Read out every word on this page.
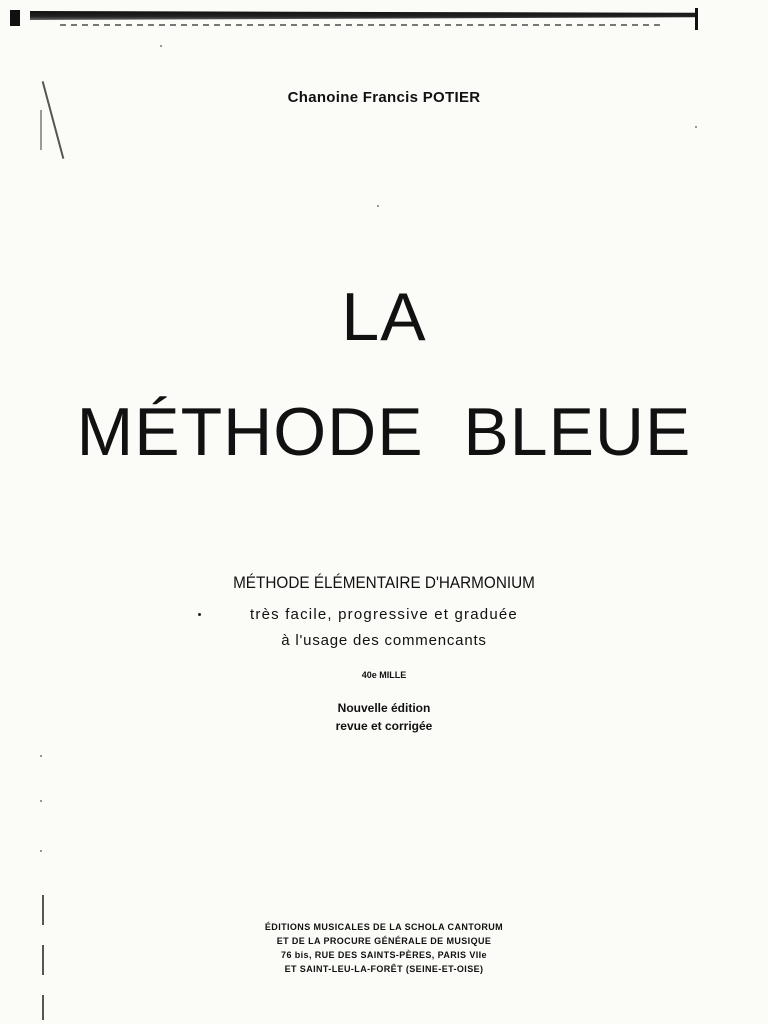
Chanoine Francis POTIER
LA
MÉTHODE  BLEUE
MÉTHODE ÉLÉMENTAIRE D'HARMONIUM
très facile, progressive et graduée
à l'usage des commencants
40e MILLE
Nouvelle édition
revue et corrigée
ÉDITIONS MUSICALES DE LA SCHOLA CANTORUM
ET DE LA PROCURE GÉNÉRALE DE MUSIQUE
76 bis, RUE DES SAINTS-PÈRES, PARIS VIIe
ET SAINT-LEU-LA-FORÊT (SEINE-ET-OISE)
